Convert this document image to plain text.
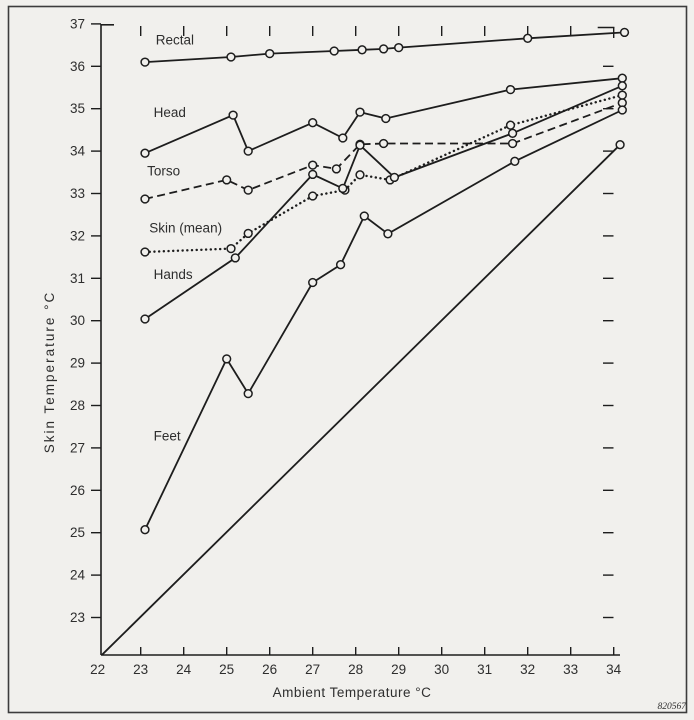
22 23 24 25 26 27 28 29 30 31 32 33 34
23
24
25
26
27
28
29
30
31
32
33
34
35
36
37
Rectal
Head
Torso
Skin (mean)
Hands
Feet
Ambient Temperature °C
Skin Temperature °C
820567
